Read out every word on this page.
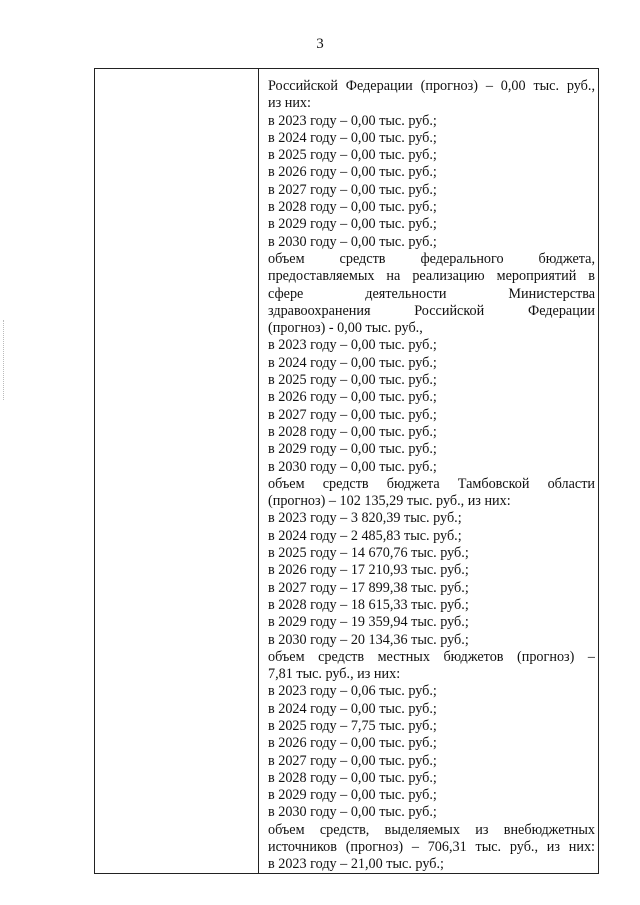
3
Российской Федерации (прогноз) – 0,00 тыс. руб.,
из них:
в 2023 году – 0,00 тыс. руб.;
в 2024 году – 0,00 тыс. руб.;
в 2025 году – 0,00 тыс. руб.;
в 2026 году – 0,00 тыс. руб.;
в 2027 году – 0,00 тыс. руб.;
в 2028 году – 0,00 тыс. руб.;
в 2029 году – 0,00 тыс. руб.;
в 2030 году – 0,00 тыс. руб.;
объем средств федерального бюджета,
предоставляемых на реализацию мероприятий в
сфере деятельности Министерства
здравоохранения Российской Федерации
(прогноз) - 0,00 тыс. руб.,
в 2023 году – 0,00 тыс. руб.;
в 2024 году – 0,00 тыс. руб.;
в 2025 году – 0,00 тыс. руб.;
в 2026 году – 0,00 тыс. руб.;
в 2027 году – 0,00 тыс. руб.;
в 2028 году – 0,00 тыс. руб.;
в 2029 году – 0,00 тыс. руб.;
в 2030 году – 0,00 тыс. руб.;
объем средств бюджета Тамбовской области
(прогноз) – 102 135,29 тыс. руб., из них:
в 2023 году – 3 820,39 тыс. руб.;
в 2024 году – 2 485,83 тыс. руб.;
в 2025 году – 14 670,76 тыс. руб.;
в 2026 году – 17 210,93 тыс. руб.;
в 2027 году – 17 899,38 тыс. руб.;
в 2028 году – 18 615,33 тыс. руб.;
в 2029 году – 19 359,94 тыс. руб.;
в 2030 году – 20 134,36 тыс. руб.;
объем средств местных бюджетов (прогноз) –
7,81 тыс. руб., из них:
в 2023 году – 0,06 тыс. руб.;
в 2024 году – 0,00 тыс. руб.;
в 2025 году – 7,75 тыс. руб.;
в 2026 году – 0,00 тыс. руб.;
в 2027 году – 0,00 тыс. руб.;
в 2028 году – 0,00 тыс. руб.;
в 2029 году – 0,00 тыс. руб.;
в 2030 году – 0,00 тыс. руб.;
объем средств, выделяемых из внебюджетных
источников (прогноз) – 706,31 тыс. руб., из них:
в 2023 году – 21,00 тыс. руб.;
